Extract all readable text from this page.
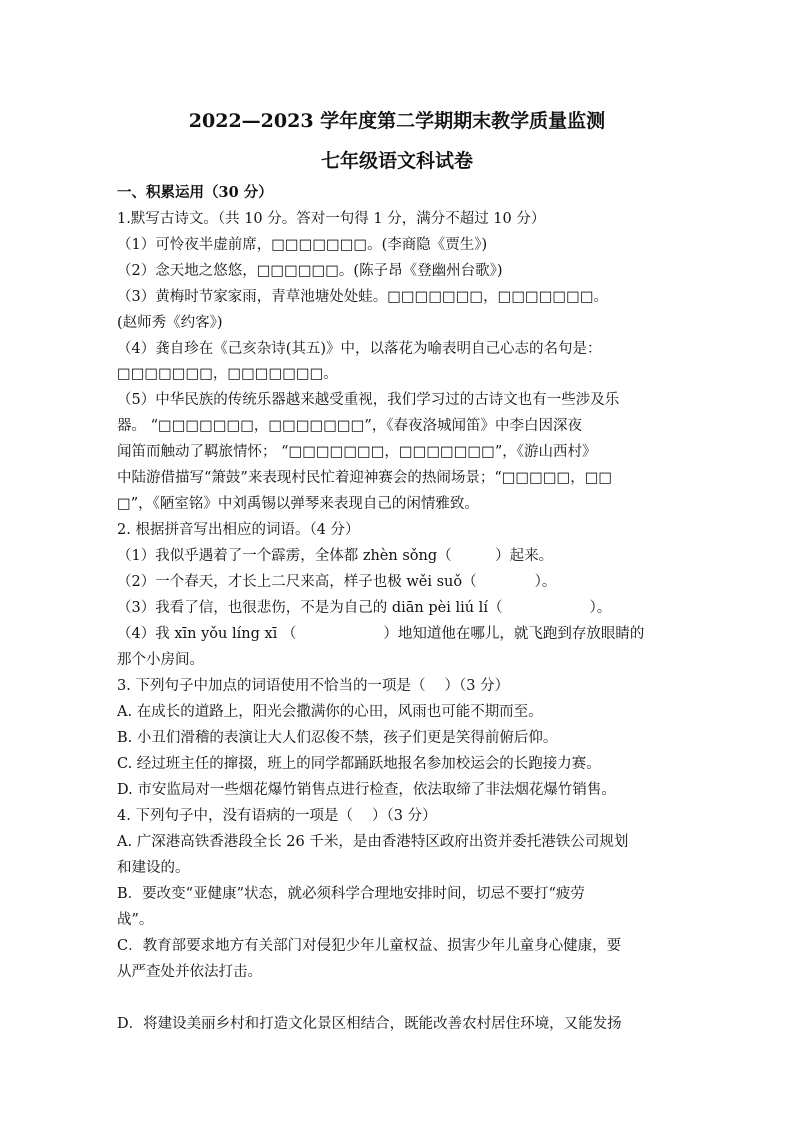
2022—2023 学年度第二学期期末教学质量监测
七年级语文科试卷
一、积累运用（30 分）
1.默写古诗文。（共 10 分。答对一句得 1 分，满分不超过 10 分）
（1）可怜夜半虚前席，□□□□□□□。(李商隐《贾生》)
（2）念天地之悠悠，□□□□□□。(陈子昂《登幽州台歌》)
（3）黄梅时节家家雨，青草池塘处处蛙。□□□□□□□，□□□□□□□。
(赵师秀《约客》)
（4）龚自珍在《己亥杂诗(其五)》中，以落花为喻表明自己心志的名句是：
□□□□□□□，□□□□□□□。
（5）中华民族的传统乐器越来越受重视，我们学习过的古诗文也有一些涉及乐
器。 “□□□□□□□，□□□□□□□”，《春夜洛城闻笛》中李白因深夜
闻笛而触动了羁旅情怀； “□□□□□□□，□□□□□□□”，《游山西村》
中陆游借描写“箫鼓”来表现村民忙着迎神赛会的热闹场景；“□□□□□，□□
□”，《陋室铭》中刘禹锡以弹琴来表现自己的闲情雅致。
2. 根据拼音写出相应的词语。（4 分）
（1）我似乎遇着了一个霹雳，全体都 zhèn sǒng（　　　）起来。
（2）一个春天，才长上二尺来高，样子也极 wěi suǒ（　　　　）。
（3）我看了信，也很悲伤，不是为自己的 diān pèi liú lí（　　　　　　）。
（4）我 xīn yǒu líng xī （　　　　　　）地知道他在哪儿，就飞跑到存放眼睛的
那个小房间。
3. 下列句子中加点的词语使用不恰当的一项是（　 ）（3 分）
A. 在成长的道路上，阳光会撒满你的心田，风雨也可能不期而至。
B. 小丑们滑稽的表演让大人们忍俊不禁，孩子们更是笑得前俯后仰。
C. 经过班主任的撺掇，班上的同学都踊跃地报名参加校运会的长跑接力赛。
D. 市安监局对一些烟花爆竹销售点进行检查，依法取缔了非法烟花爆竹销售。
4. 下列句子中，没有语病的一项是（　 ）（3 分）
A. 广深港高铁香港段全长 26 千米，是由香港特区政府出资并委托港铁公司规划
和建设的。
B．要改变“亚健康”状态，就必须科学合理地安排时间，切忌不要打“疲劳
战”。
C．教育部要求地方有关部门对侵犯少年儿童权益、损害少年儿童身心健康，要
从严查处并依法打击。
D．将建设美丽乡村和打造文化景区相结合，既能改善农村居住环境，又能发扬
